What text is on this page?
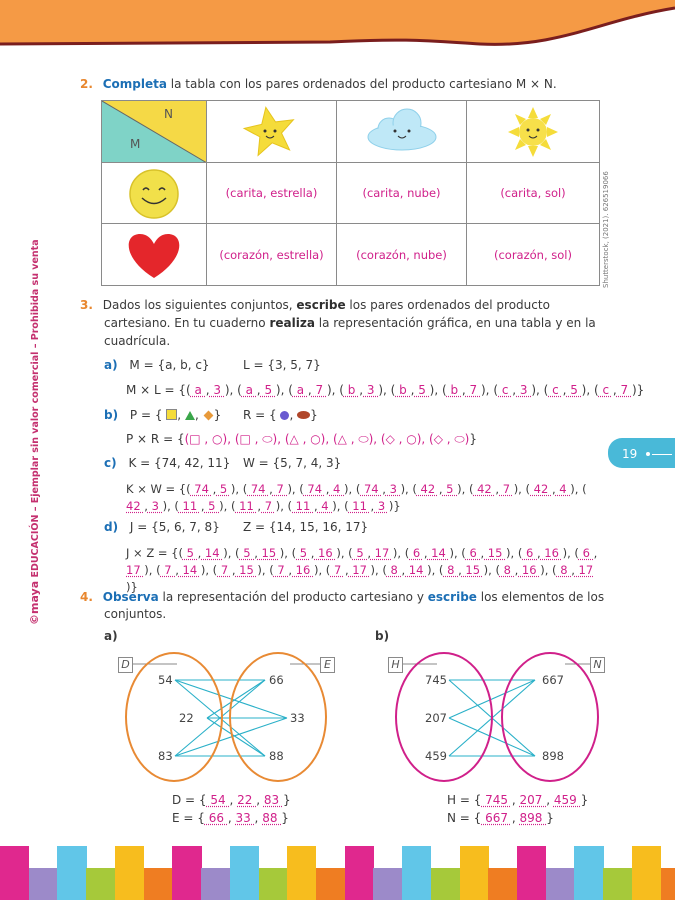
2. Completa la tabla con los pares ordenados del producto cartesiano M × N.
N
M
(carita, estrella)	(carita, nube)	(carita, sol)
(corazón, estrella)	(corazón, nube)	(corazón, sol)	Shutterstock, (2021). 626519066
©maya EDUCACIÓN – Ejemplar sin valor comercial – Prohibida su venta	19
3. Dados los siguientes conjuntos, escribe los pares ordenados del producto
cartesiano. En tu cuaderno realiza la representación gráfica, en una tabla y en la
cuadrícula.
a) M = {a, b, c}	L = {3, 5, 7}
M × L = {( a , 3 ), ( a , 5 ), ( a , 7 ), ( b , 3 ), ( b , 5 ), ( b , 7 ), ( c , 3 ), ( c , 5 ), ( c , 7 )}
b) P = { , , } R = { , }
P × R = {(□ , ○), (□ , ⬭), (△ , ○), (△ , ⬭), (◇ , ○), (◇ , ⬭)}
c) K = {74, 42, 11} W = {5, 7, 4, 3}
K × W = {( 74 , 5 ), ( 74 , 7 ), ( 74 , 4 ), ( 74 , 3 ), ( 42 , 5 ), ( 42 , 7 ), ( 42 , 4 ), ( 42 , 3 ), ( 11 , 5 ), ( 11 , 7 ), ( 11 , 4 ), ( 11 , 3 )}
d) J = {5, 6, 7, 8} Z = {14, 15, 16, 17}
J × Z = {( 5 , 14 ), ( 5 , 15 ), ( 5 , 16 ), ( 5 , 17 ), ( 6 , 14 ), ( 6 , 15 ), ( 6 , 16 ), ( 6 , 17 ), ( 7 , 14 ), ( 7 , 15 ), ( 7 , 16 ), ( 7 , 17 ), ( 8 , 14 ), ( 8 , 15 ), ( 8 , 16 ), ( 8 , 17 )}
4. Observa la representación del producto cartesiano y escribe los elementos de los
conjuntos.
a)	b)
D	E
54
22
83
66
33
88
H	N
745
207
459
667
898
D = { 54 , 22 , 83 }
E = { 66 , 33 , 88 }
H = { 745 , 207 , 459 }
N = { 667 , 898 }
